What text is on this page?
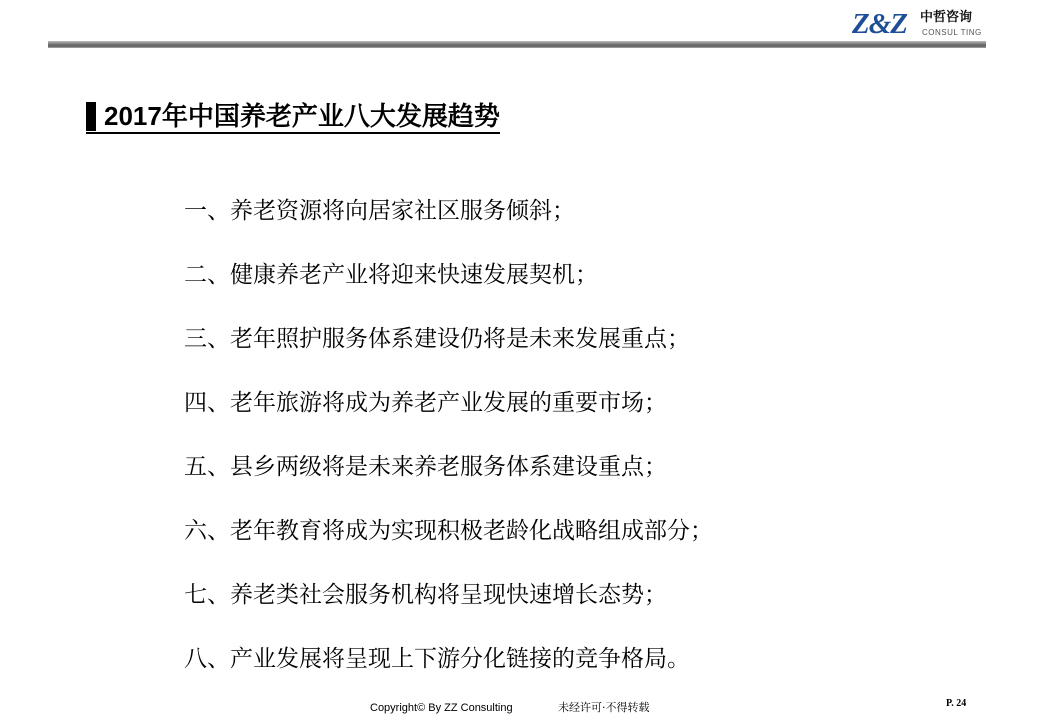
Z&Z 中哲咨询
CONSUL TING
2017年中国养老产业八大发展趋势
一、养老资源将向居家社区服务倾斜；
二、健康养老产业将迎来快速发展契机；
三、老年照护服务体系建设仍将是未来发展重点；
四、老年旅游将成为养老产业发展的重要市场；
五、县乡两级将是未来养老服务体系建设重点；
六、老年教育将成为实现积极老龄化战略组成部分；
七、养老类社会服务机构将呈现快速增长态势；
八、产业发展将呈现上下游分化链接的竞争格局。
Copyright© By ZZ Consulting	未经许可·不得转载	P. 24
